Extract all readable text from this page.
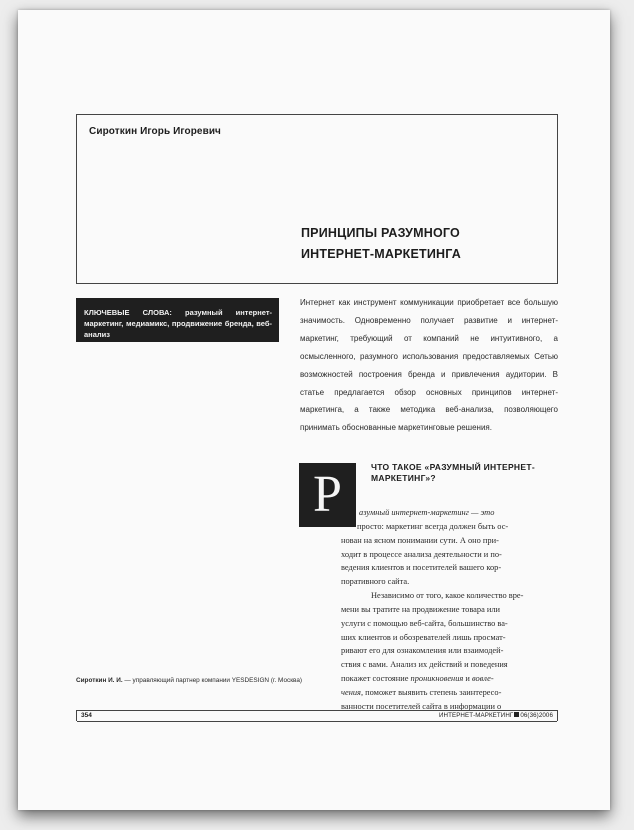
Сироткин Игорь Игоревич
ПРИНЦИПЫ РАЗУМНОГО
ИНТЕРНЕТ-МАРКЕТИНГА
КЛЮЧЕВЫЕ СЛОВА: разумный интернет-маркетинг, медиамикс, продвижение бренда, веб-анализ
Интернет как инструмент коммуникации приобретает все большую значимость. Одновременно получает развитие и интернет-маркетинг, требующий от компаний не интуитивного, а осмысленного, разумного использования предоставляемых Сетью возможностей построения бренда и привлечения аудитории. В статье предлагается обзор основных принципов интернет-маркетинга, а также методика веб-анализа, позволяющего принимать обоснованные маркетинговые решения.
Р	ЧТО ТАКОЕ «РАЗУМНЫЙ ИНТЕРНЕТ-МАРКЕТИНГ»?
азумный интернет-маркетинг — это
просто: маркетинг всегда должен быть ос-
нован на ясном понимании сути. А оно при-
ходит в процессе анализа деятельности и по-
ведения клиентов и посетителей вашего кор-
поративного сайта.
Независимо от того, какое количество вре-
мени вы тратите на продвижение товара или
услуги с помощью веб-сайта, большинство ва-
ших клиентов и обозревателей лишь просмат-
ривают его для ознакомления или взаимодей-
ствия с вами. Анализ их действий и поведения
покажет состояние проникновения и вовле-
чения, поможет выявить степень заинтересо-
ванности посетителей сайта в информации о
Сироткин И. И. — управляющий партнер компании YESDESIGN (г. Москва)
354	ИНТЕРНЕТ-МАРКЕТИНГ 06(36)2006
